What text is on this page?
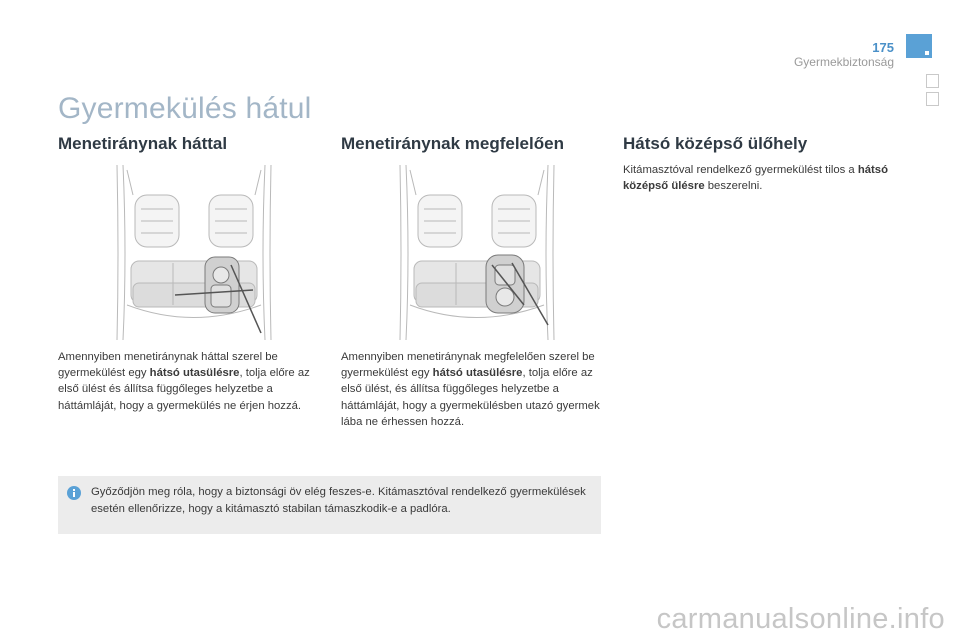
175
Gyermekbiztonság
Gyermekülés hátul
Menetiránynak háttal	Menetiránynak megfelelően	Hátsó középső ülőhely

Amennyiben menetiránynak háttal szerel be gyermekülést egy hátsó utasülésre, tolja előre az első ülést és állítsa függőleges helyzetbe a háttámláját, hogy a gyermekülés ne érjen hozzá.

Amennyiben menetiránynak megfelelően szerel be gyermekülést egy hátsó utasülésre, tolja előre az első ülést, és állítsa függőleges helyzetbe a háttámláját, hogy a gyermekülésben utazó gyermek lába ne érhessen hozzá.

Kitámasztóval rendelkező gyermekülést tilos a hátsó középső ülésre beszerelni.

Győződjön meg róla, hogy a biztonsági öv elég feszes-e. Kitámasztóval rendelkező gyermekülések esetén ellenőrizze, hogy a kitámasztó stabilan támaszkodik-e a padlóra.
carmanualsonline.info
